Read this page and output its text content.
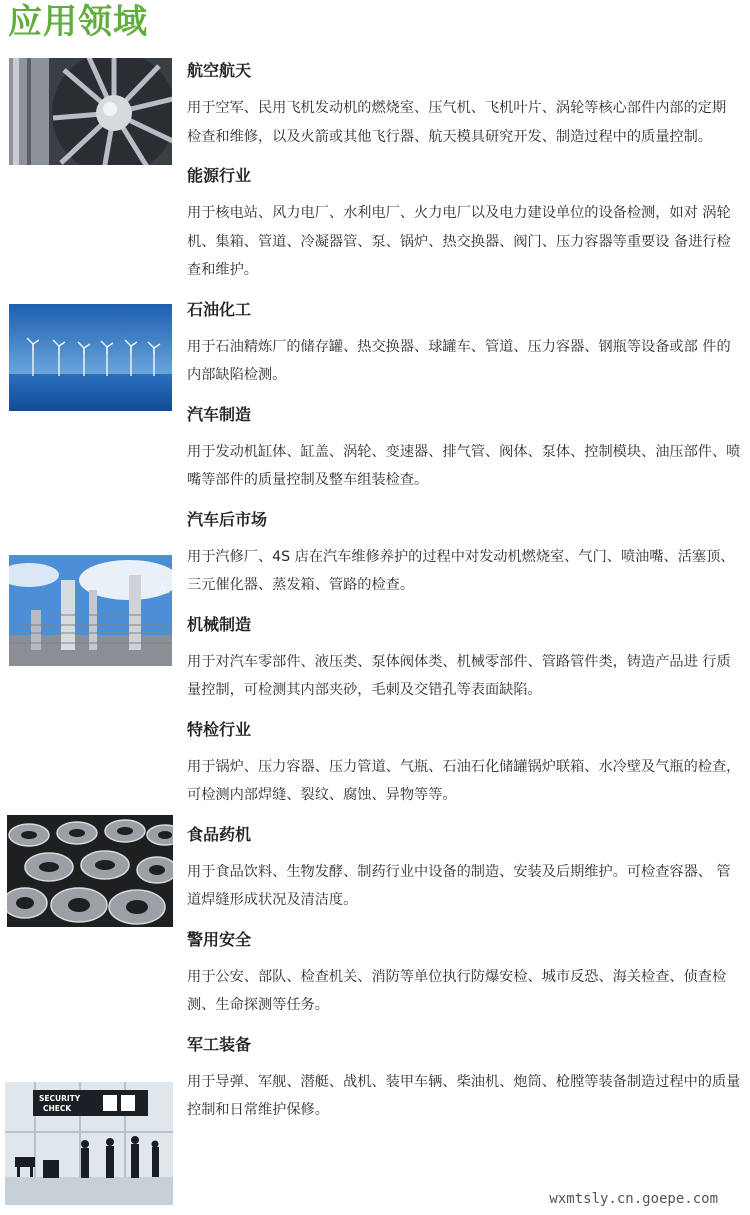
应用领域
无
SECURITY
CHECK
航空航天

用于空军、民用飞机发动机的燃烧室、压气机、飞机叶片、涡轮等核心部件内部的定期 检查和维修，以及火箭或其他飞行器、航天模具研究开发、制造过程中的质量控制。

能源行业

用于核电站、风力电厂、水利电厂、火力电厂以及电力建设单位的设备检测，如对 涡轮机、集箱、管道、冷凝器管、泵、锅炉、热交换器、阀门、压力容器等重要设 备进行检查和维护。

石油化工

用于石油精炼厂的储存罐、热交换器、球罐车、管道、压力容器、钢瓶等设备或部 件的内部缺陷检测。

汽车制造

用于发动机缸体、缸盖、涡轮、变速器、排气管、阀体、泵体、控制模块、油压部件、喷嘴等部件的质量控制及整车组装检查。

汽车后市场

用于汽修厂、4S 店在汽车维修养护的过程中对发动机燃烧室、气门、喷油嘴、活塞顶、三元催化器、蒸发箱、管路的检查。

机械制造

用于对汽车零部件、液压类、泵体阀体类、机械零部件、管路管件类，铸造产品进 行质量控制，可检测其内部夹砂，毛刺及交错孔等表面缺陷。

特检行业

用于锅炉、压力容器、压力管道、气瓶、石油石化储罐锅炉联箱、水冷壁及气瓶的检查，可检测内部焊缝、裂纹、腐蚀、异物等等。

食品药机

用于食品饮料、生物发酵、制药行业中设备的制造、安装及后期维护。可检查容器、 管道焊缝形成状况及清洁度。

警用安全

用于公安、部队、检查机关、消防等单位执行防爆安检、城市反恐、海关检查、侦查检测、生命探测等任务。

军工装备

用于导弹、军舰、潜艇、战机、装甲车辆、柴油机、炮筒、枪膛等装备制造过程中的质量控制和日常维护保修。

wxmtsly.cn.goepe.com
